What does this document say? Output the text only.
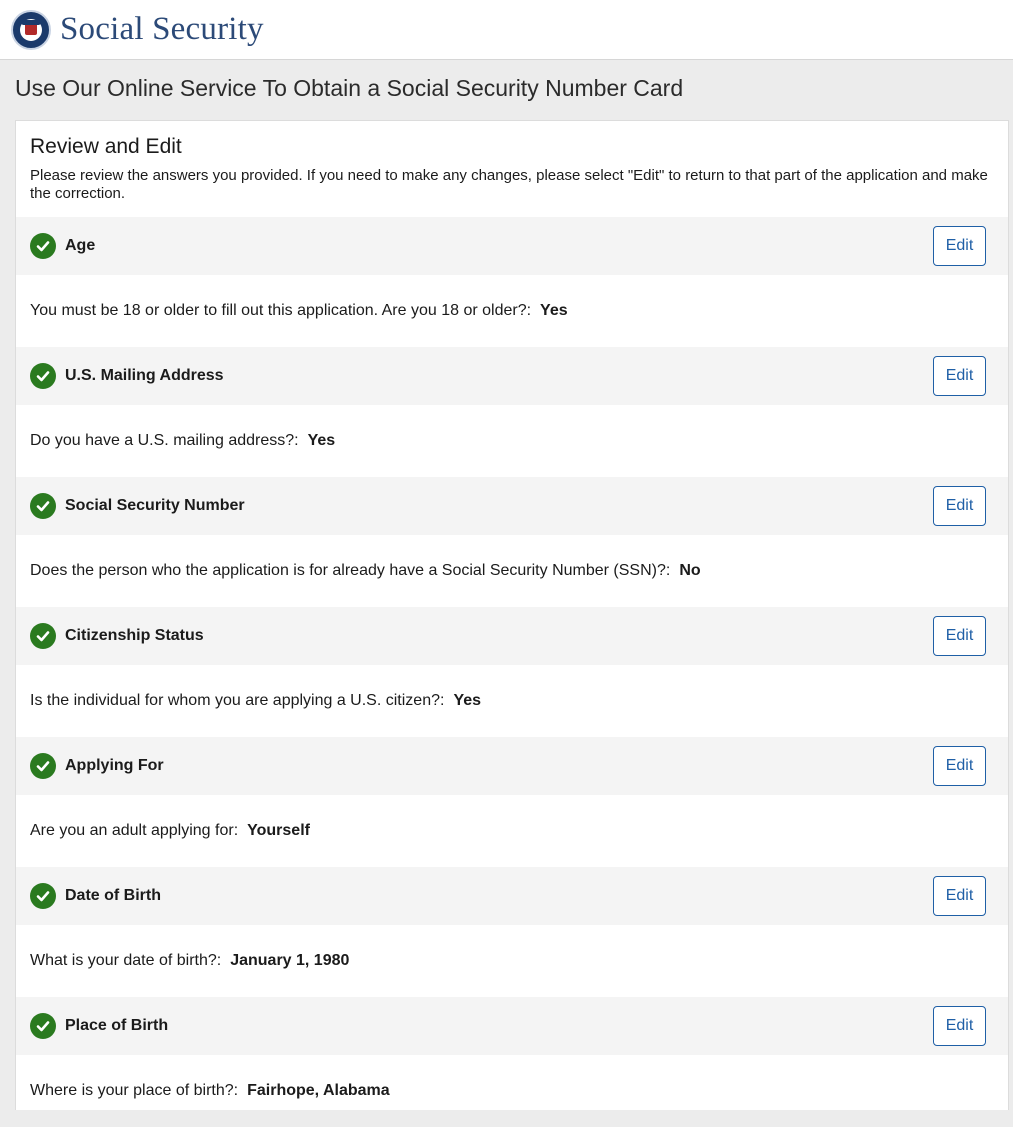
Social Security
Use Our Online Service To Obtain a Social Security Number Card
Review and Edit

Please review the answers you provided. If you need to make any changes, please select "Edit" to return to that part of the application and make the correction.

Age	Edit
You must be 18 or older to fill out this application. Are you 18 or older?: Yes
U.S. Mailing Address	Edit
Do you have a U.S. mailing address?: Yes
Social Security Number	Edit
Does the person who the application is for already have a Social Security Number (SSN)?: No
Citizenship Status	Edit
Is the individual for whom you are applying a U.S. citizen?: Yes
Applying For	Edit
Are you an adult applying for: Yourself
Date of Birth	Edit
What is your date of birth?: January 1, 1980
Place of Birth	Edit
Where is your place of birth?: Fairhope, Alabama
